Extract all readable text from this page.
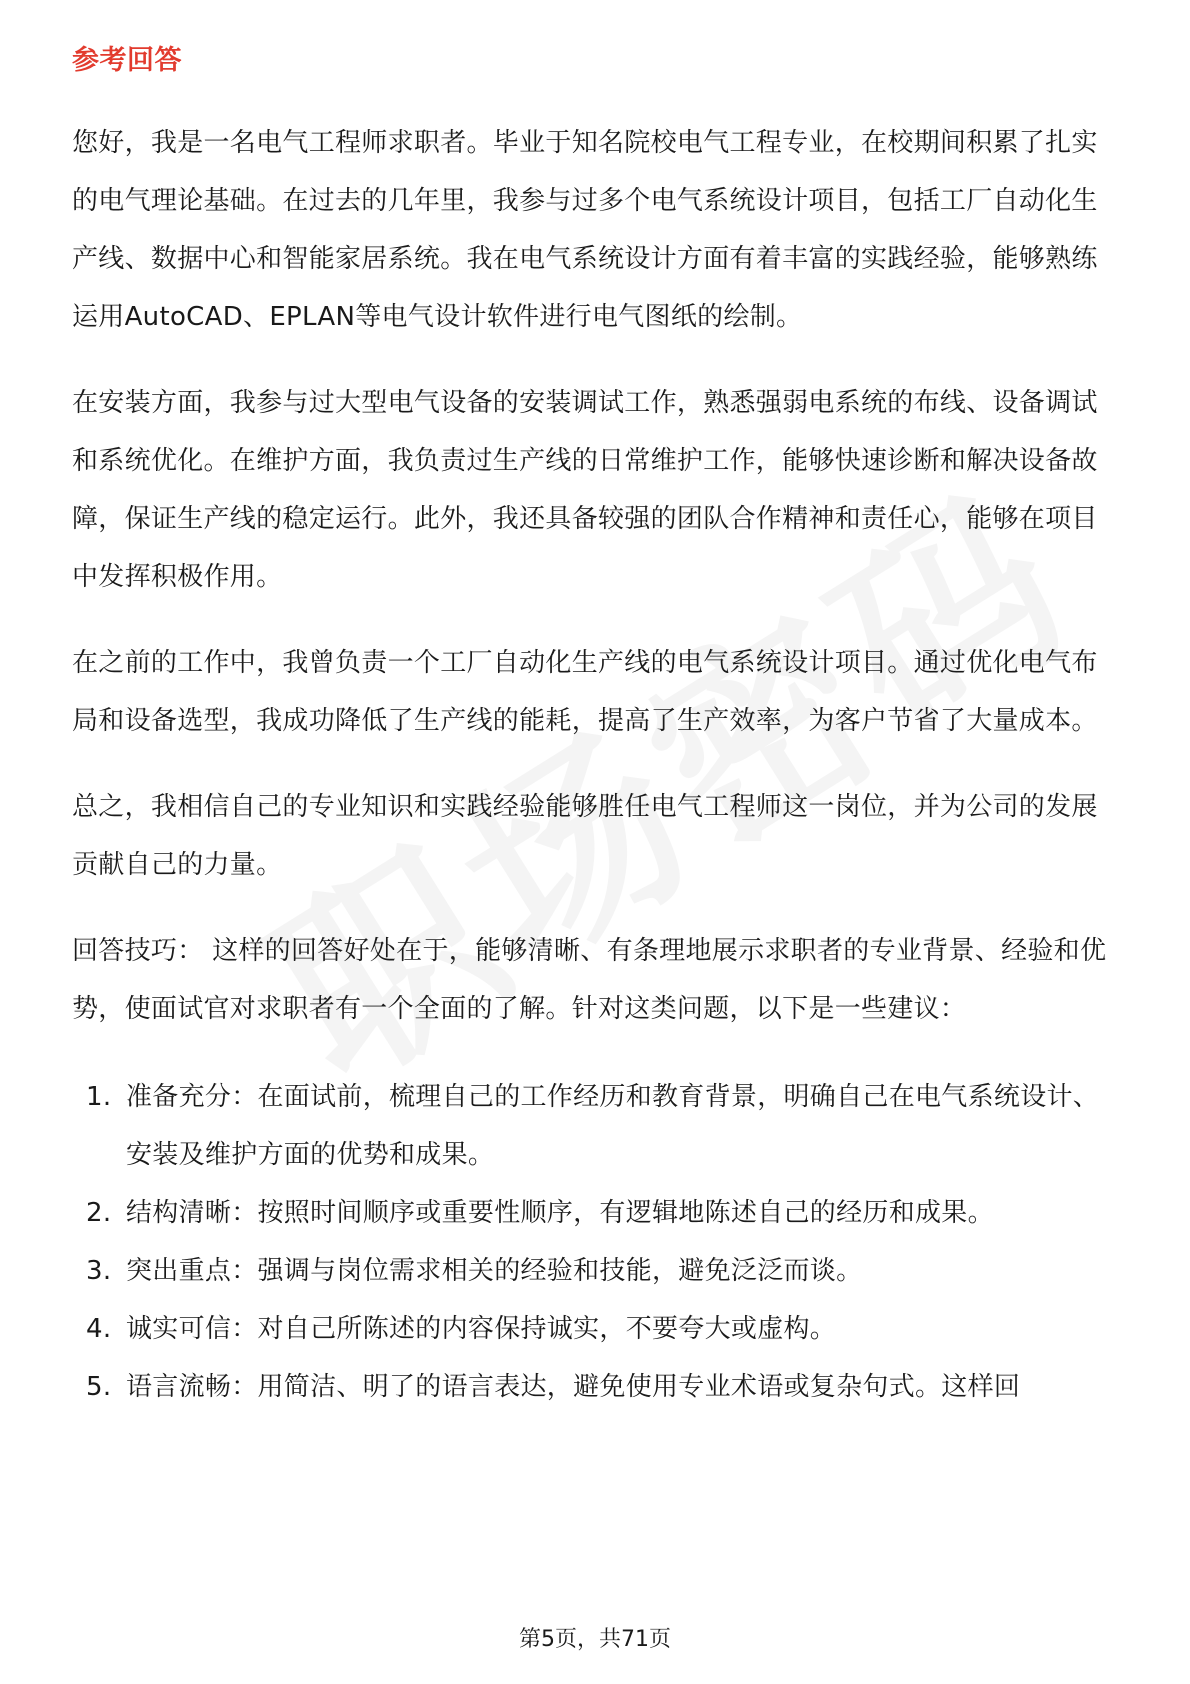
参考回答

您好，我是一名电气工程师求职者。毕业于知名院校电气工程专业，在校期间积累了扎实的电气理论基础。在过去的几年里，我参与过多个电气系统设计项目，包括工厂自动化生产线、数据中心和智能家居系统。我在电气系统设计方面有着丰富的实践经验，能够熟练运用AutoCAD、EPLAN等电气设计软件进行电气图纸的绘制。

在安装方面，我参与过大型电气设备的安装调试工作，熟悉强弱电系统的布线、设备调试和系统优化。在维护方面，我负责过生产线的日常维护工作，能够快速诊断和解决设备故障，保证生产线的稳定运行。此外，我还具备较强的团队合作精神和责任心，能够在项目中发挥积极作用。

在之前的工作中，我曾负责一个工厂自动化生产线的电气系统设计项目。通过优化电气布局和设备选型，我成功降低了生产线的能耗，提高了生产效率，为客户节省了大量成本。

总之，我相信自己的专业知识和实践经验能够胜任电气工程师这一岗位，并为公司的发展贡献自己的力量。

回答技巧： 这样的回答好处在于，能够清晰、有条理地展示求职者的专业背景、经验和优势，使面试官对求职者有一个全面的了解。针对这类问题，以下是一些建议：

1. 准备充分：在面试前，梳理自己的工作经历和教育背景，明确自己在电气系统设计、安装及维护方面的优势和成果。
2. 结构清晰：按照时间顺序或重要性顺序，有逻辑地陈述自己的经历和成果。
3. 突出重点：强调与岗位需求相关的经验和技能，避免泛泛而谈。
4. 诚实可信：对自己所陈述的内容保持诚实，不要夸大或虚构。
5. 语言流畅：用简洁、明了的语言表达，避免使用专业术语或复杂句式。这样回
第5页，共71页
